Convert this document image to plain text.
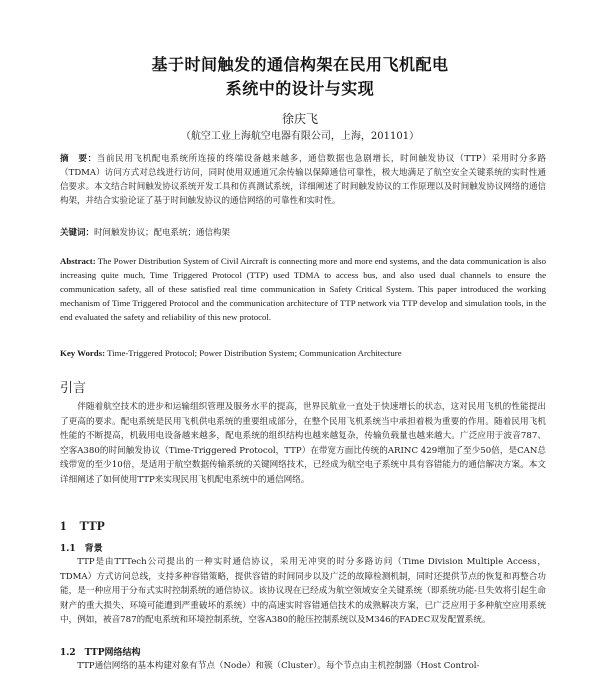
基于时间触发的通信构架在民用飞机配电
系统中的设计与实现
徐庆飞
（航空工业上海航空电器有限公司，上海，201101）
摘　要：当前民用飞机配电系统所连接的终端设备越来越多，通信数据也急剧增长，时间触发协议（TTP）采用时分多路（TDMA）访问方式对总线进行访问，同时使用双通道冗余传输以保障通信可靠性，极大地满足了航空安全关键系统的实时性通信要求。本文结合时间触发协议系统开发工具和仿真测试系统，详细阐述了时间触发协议的工作原理以及时间触发协议网络的通信构架，并结合实验论证了基于时间触发协议的通信网络的可靠性和实时性。
关键词：时间触发协议；配电系统；通信构架
Abstract: The Power Distribution System of Civil Aircraft is connecting more and more end systems, and the data communication is also increasing quite much, Time Triggered Protocol (TTP) used TDMA to access bus, and also used dual channels to ensure the communication safety, all of these satisfied real time communication in Safety Critical System. This paper introduced the working mechanism of Time Triggered Protocol and the communication architecture of TTP network via TTP develop and simulation tools, in the end evaluated the safety and reliability of this new protocol.
Key Words: Time-Triggered Protocol; Power Distribution System; Communication Architecture
引言
伴随着航空技术的进步和运输组织管理及服务水平的提高，世界民航业一直处于快速增长的状态，这对民用飞机的性能提出了更高的要求。配电系统是民用飞机供电系统的重要组成部分，在整个民用飞机系统当中承担着极为重要的作用。随着民用飞机性能的不断提高，机载用电设备越来越多，配电系统的组织结构也越来越复杂，传输负载量也越来越大。广泛应用于波音787、空客A380的时间触发协议（Time-Triggered Protocol，TTP）在带宽方面比传统的ARINC 429增加了至少50倍，是CAN总线带宽的至少10倍，是适用于航空数据传输系统的关键网络技术，已经成为航空电子系统中具有容错能力的通信解决方案。本文详细阐述了如何使用TTP来实现民用飞机配电系统中的通信网络。
1　TTP
1.1　背景
TTP是由TTTech公司提出的一种实时通信协议，采用无冲突的时分多路访问（Time Division Multiple Access，TDMA）方式访问总线，支持多种容错策略，提供容错的时间同步以及广泛的故障检测机制，同时还提供节点的恢复和再整合功能，是一种应用于分布式实时控制系统的通信协议。该协议现在已经成为航空领域安全关键系统（即系统功能-旦失效将引起生命财产的重大损失、环境可能遭到严重破坏的系统）中的高速实时容错通信技术的成熟解决方案，已广泛应用于多种航空应用系统中，例如，被音787的配电系统和环境控制系统，空客A380的舱压控制系统以及M346的FADEC双发配置系统。
1.2　TTP网络结构
TTP通信网络的基本构建对象有节点（Node）和簇（Cluster）。每个节点由主机控制器（Host Control-
